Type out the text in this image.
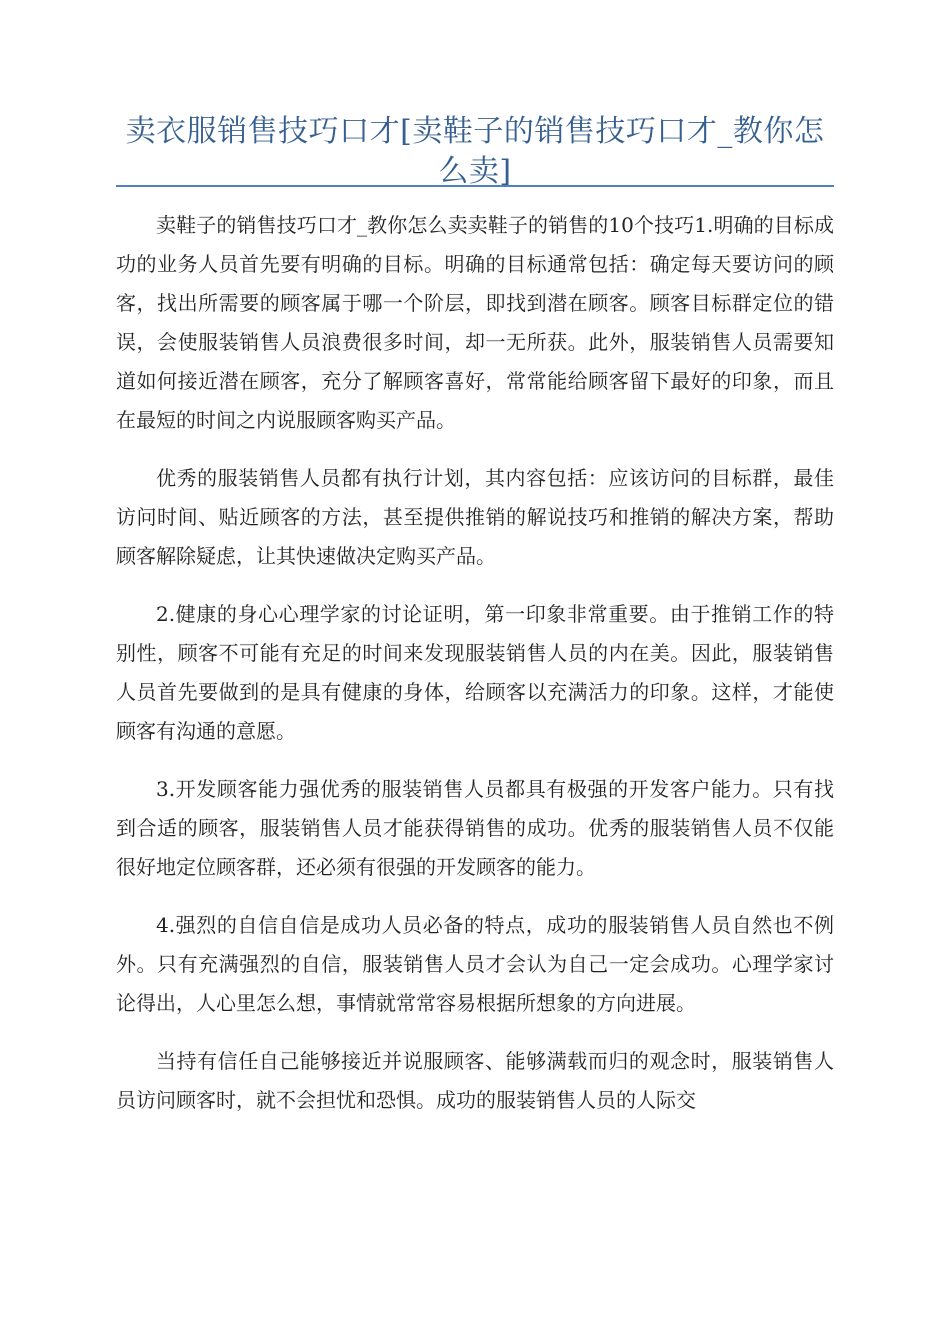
卖衣服销售技巧口才[卖鞋子的销售技巧口才_教你怎么卖]

卖鞋子的销售技巧口才_教你怎么卖卖鞋子的销售的10个技巧1.明确的目标成功的业务人员首先要有明确的目标。明确的目标通常包括：确定每天要访问的顾客，找出所需要的顾客属于哪一个阶层，即找到潜在顾客。顾客目标群定位的错误，会使服装销售人员浪费很多时间，却一无所获。此外，服装销售人员需要知道如何接近潜在顾客，充分了解顾客喜好，常常能给顾客留下最好的印象，而且在最短的时间之内说服顾客购买产品。

优秀的服装销售人员都有执行计划，其内容包括：应该访问的目标群，最佳访问时间、贴近顾客的方法，甚至提供推销的解说技巧和推销的解决方案，帮助顾客解除疑虑，让其快速做决定购买产品。

2.健康的身心心理学家的讨论证明，第一印象非常重要。由于推销工作的特别性，顾客不可能有充足的时间来发现服装销售人员的内在美。因此，服装销售人员首先要做到的是具有健康的身体，给顾客以充满活力的印象。这样，才能使顾客有沟通的意愿。

3.开发顾客能力强优秀的服装销售人员都具有极强的开发客户能力。只有找到合适的顾客，服装销售人员才能获得销售的成功。优秀的服装销售人员不仅能很好地定位顾客群，还必须有很强的开发顾客的能力。

4.强烈的自信自信是成功人员必备的特点，成功的服装销售人员自然也不例外。只有充满强烈的自信，服装销售人员才会认为自己一定会成功。心理学家讨论得出，人心里怎么想，事情就常常容易根据所想象的方向进展。

当持有信任自己能够接近并说服顾客、能够满载而归的观念时，服装销售人员访问顾客时，就不会担忧和恐惧。成功的服装销售人员的人际交
